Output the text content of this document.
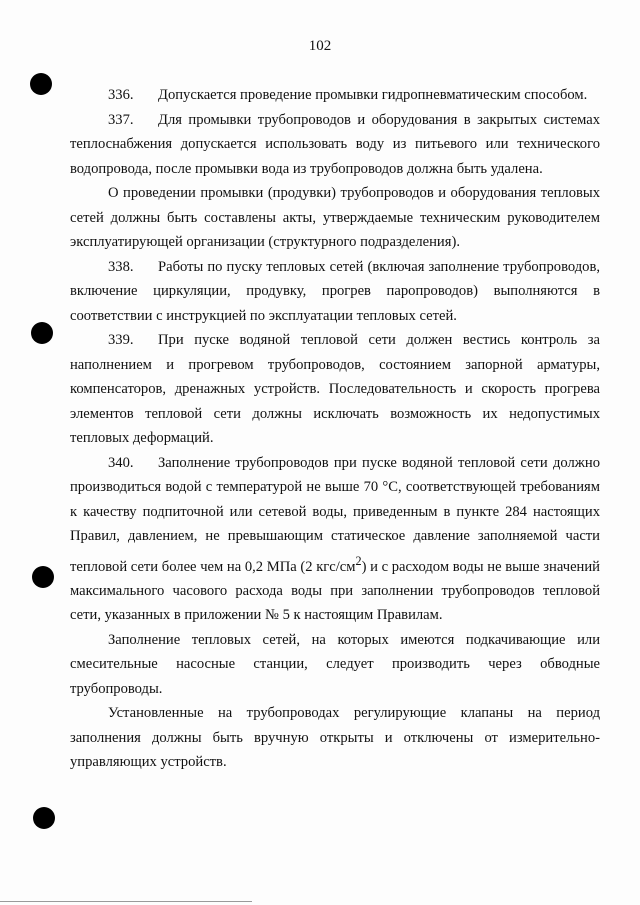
102

336. Допускается проведение промывки гидропневматическим способом.

337. Для промывки трубопроводов и оборудования в закрытых системах теплоснабжения допускается использовать воду из питьевого или технического водопровода, после промывки вода из трубопроводов должна быть удалена.

О проведении промывки (продувки) трубопроводов и оборудования тепловых сетей должны быть составлены акты, утверждаемые техническим руководителем эксплуатирующей организации (структурного подразделения).

338. Работы по пуску тепловых сетей (включая заполнение трубопроводов, включение циркуляции, продувку, прогрев паропроводов) выполняются в соответствии с инструкцией по эксплуатации тепловых сетей.

339. При пуске водяной тепловой сети должен вестись контроль за наполнением и прогревом трубопроводов, состоянием запорной арматуры, компенсаторов, дренажных устройств. Последовательность и скорость прогрева элементов тепловой сети должны исключать возможность их недопустимых тепловых деформаций.

340. Заполнение трубопроводов при пуске водяной тепловой сети должно производиться водой с температурой не выше 70 °С, соответствующей требованиям к качеству подпиточной или сетевой воды, приведенным в пункте 284 настоящих Правил, давлением, не превышающим статическое давление заполняемой части тепловой сети более чем на 0,2 МПа (2 кгс/$см^2$) и с расходом воды не выше значений максимального часового расхода воды при заполнении трубопроводов тепловой сети, указанных в приложении № 5 к настоящим Правилам.

Заполнение тепловых сетей, на которых имеются подкачивающие или смесительные насосные станции, следует производить через обводные трубопроводы.

Установленные на трубопроводах регулирующие клапаны на период заполнения должны быть вручную открыты и отключены от измерительно-управляющих устройств.
